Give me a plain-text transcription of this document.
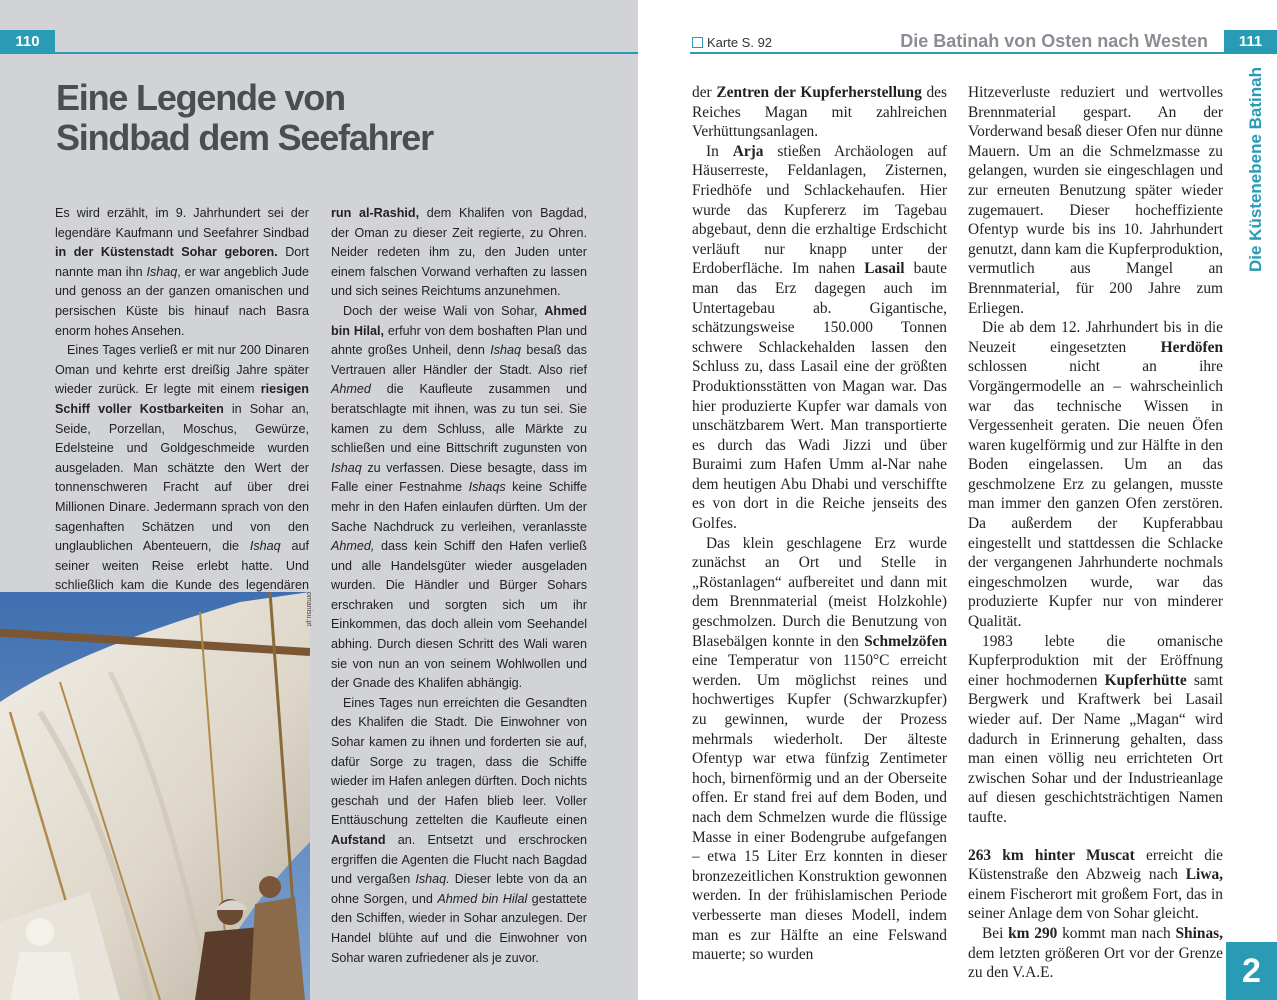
110
Eine Legende von
Sindbad dem Seefahrer

Es wird erzählt, im 9. Jahrhundert sei der legendäre Kaufmann und Seefahrer Sindbad in der Küstenstadt Sohar geboren. Dort nannte man ihn Ishaq, er war angeblich Jude und genoss an der ganzen omanischen und persischen Küste bis hinauf nach Basra enorm hohes Ansehen.

Eines Tages verließ er mit nur 200 Dinaren Oman und kehrte erst dreißig Jahre später wieder zurück. Er legte mit einem riesigen Schiff voller Kostbarkeiten in Sohar an, Seide, Porzellan, Moschus, Gewürze, Edelsteine und Goldgeschmeide wurden ausgeladen. Man schätzte den Wert der tonnenschweren Fracht auf über drei Millionen Dinare. Jedermann sprach von den sagenhaften Schätzen und von den unglaublichen Abenteuern, die Ishaq auf seiner weiten Reise erlebt hatte. Und schließlich kam die Kunde des legendären

run al-Rashid, dem Khalifen von Bagdad, der Oman zu dieser Zeit regierte, zu Ohren. Neider redeten ihm zu, den Juden unter einem falschen Vorwand verhaften zu lassen und sich seines Reichtums anzunehmen.

Doch der weise Wali von Sohar, Ahmed bin Hilal, erfuhr von dem boshaften Plan und ahnte großes Unheil, denn Ishaq besaß das Vertrauen aller Händler der Stadt. Also rief Ahmed die Kaufleute zusammen und beratschlagte mit ihnen, was zu tun sei. Sie kamen zu dem Schluss, alle Märkte zu schließen und eine Bittschrift zugunsten von Ishaq zu verfassen. Diese besagte, dass im Falle einer Festnahme Ishaqs keine Schiffe mehr in den Hafen einlaufen dürften. Um der Sache Nachdruck zu verleihen, veranlasste Ahmed, dass kein Schiff den Hafen verließ und alle Handelsgüter wieder ausgeladen wurden. Die Händler und Bürger Sohars erschraken und sorgten sich um ihr Einkommen, das doch allein vom Seehandel abhing. Durch diesen Schritt des Wali waren sie von nun an von seinem Wohlwollen und der Gnade des Khalifen abhängig.

Eines Tages nun erreichten die Gesandten des Khalifen die Stadt. Die Einwohner von Sohar kamen zu ihnen und forderten sie auf, dafür Sorge zu tragen, dass die Schiffe wieder im Hafen anlegen dürften. Doch nichts geschah und der Hafen blieb leer. Voller Enttäuschung zettelten die Kaufleute einen Aufstand an. Entsetzt und erschrocken ergriffen die Agenten die Flucht nach Bagdad und vergaßen Ishaq. Dieser lebte von da an ohne Sorgen, und Ahmed bin Hilal gestattete den Schiffen, wieder in Sohar anzulegen. Der Handel blühte auf und die Einwohner von Sohar waren zufriedener als je zuvor.

omanisu.pt
Karte S. 92	Die Batinah von Osten nach Westen	111

der Zentren der Kupferherstellung des Reiches Magan mit zahlreichen Verhüttungsanlagen.

In Arja stießen Archäologen auf Häuserreste, Feldanlagen, Zisternen, Friedhöfe und Schlackehaufen. Hier wurde das Kupfererz im Tagebau abgebaut, denn die erzhaltige Erdschicht verläuft nur knapp unter der Erdoberfläche. Im nahen Lasail baute man das Erz dagegen auch im Untertagebau ab. Gigantische, schätzungsweise 150.000 Tonnen schwere Schlackehalden lassen den Schluss zu, dass Lasail eine der größten Produktionsstätten von Magan war. Das hier produzierte Kupfer war damals von unschätzbarem Wert. Man transportierte es durch das Wadi Jizzi und über Buraimi zum Hafen Umm al-Nar nahe dem heutigen Abu Dhabi und verschiffte es von dort in die Reiche jenseits des Golfes.

Das klein geschlagene Erz wurde zunächst an Ort und Stelle in „Röstanlagen“ aufbereitet und dann mit dem Brennmaterial (meist Holzkohle) geschmolzen. Durch die Benutzung von Blasebälgen konnte in den Schmelzöfen eine Temperatur von 1150°C erreicht werden. Um möglichst reines und hochwertiges Kupfer (Schwarzkupfer) zu gewinnen, wurde der Prozess mehrmals wiederholt. Der älteste Ofentyp war etwa fünfzig Zentimeter hoch, birnenförmig und an der Oberseite offen. Er stand frei auf dem Boden, und nach dem Schmelzen wurde die flüssige Masse in einer Bodengrube aufgefangen – etwa 15 Liter Erz konnten in dieser bronzezeitlichen Konstruktion gewonnen werden. In der frühislamischen Periode verbesserte man dieses Modell, indem man es zur Hälfte an eine Felswand mauerte; so wurden

Hitzeverluste reduziert und wertvolles Brennmaterial gespart. An der Vorderwand besaß dieser Ofen nur dünne Mauern. Um an die Schmelzmasse zu gelangen, wurden sie eingeschlagen und zur erneuten Benutzung später wieder zugemauert. Dieser hocheffiziente Ofentyp wurde bis ins 10. Jahrhundert genutzt, dann kam die Kupferproduktion, vermutlich aus Mangel an Brennmaterial, für 200 Jahre zum Erliegen.

Die ab dem 12. Jahrhundert bis in die Neuzeit eingesetzten Herdöfen schlossen nicht an ihre Vorgängermodelle an – wahrscheinlich war das technische Wissen in Vergessenheit geraten. Die neuen Öfen waren kugelförmig und zur Hälfte in den Boden eingelassen. Um an das geschmolzene Erz zu gelangen, musste man immer den ganzen Ofen zerstören. Da außerdem der Kupferabbau eingestellt und stattdessen die Schlacke der vergangenen Jahrhunderte nochmals eingeschmolzen wurde, war das produzierte Kupfer nur von minderer Qualität.

1983 lebte die omanische Kupferproduktion mit der Eröffnung einer hochmodernen Kupferhütte samt Bergwerk und Kraftwerk bei Lasail wieder auf. Der Name „Magan“ wird dadurch in Erinnerung gehalten, dass man einen völlig neu errichteten Ort zwischen Sohar und der Industrieanlage auf diesen geschichtsträchtigen Namen taufte.

263 km hinter Muscat erreicht die Küstenstraße den Abzweig nach Liwa, einem Fischerort mit großem Fort, das in seiner Anlage dem von Sohar gleicht.

Bei km 290 kommt man nach Shinas, dem letzten größeren Ort vor der Grenze zu den V.A.E.

Die Küstenebene Batinah
2
